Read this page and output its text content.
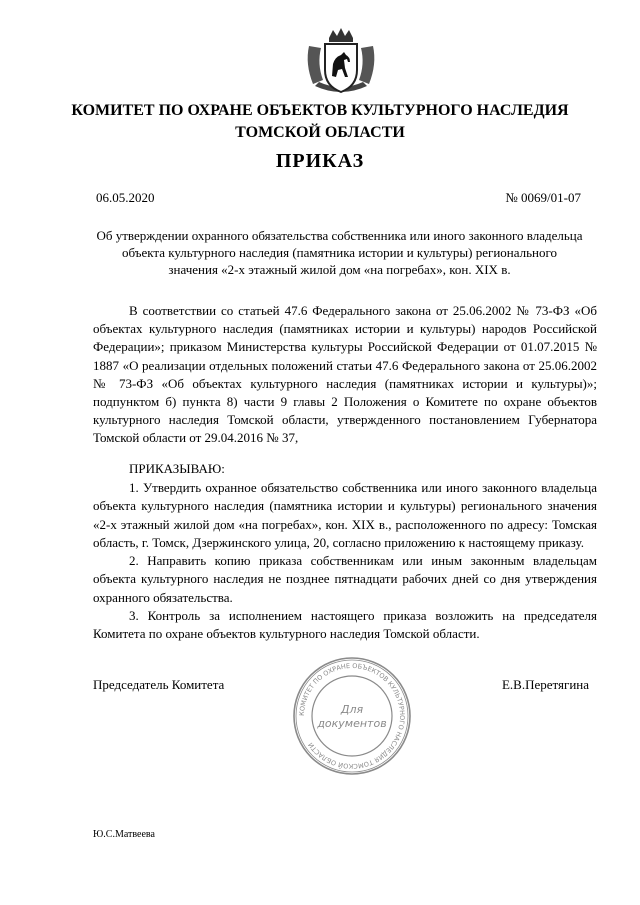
КОМИТЕТ ПО ОХРАНЕ ОБЪЕКТОВ КУЛЬТУРНОГО НАСЛЕДИЯ
ТОМСКОЙ ОБЛАСТИ
ПРИКАЗ
06.05.2020	№ 0069/01-07
Об утверждении охранного обязательства собственника или иного законного владельца объекта культурного наследия (памятника истории и культуры) регионального значения «2-х этажный жилой дом «на погребах», кон. XIX в.
В соответствии со статьей 47.6 Федерального закона от 25.06.2002 № 73-ФЗ «Об объектах культурного наследия (памятниках истории и культуры) народов Российской Федерации»; приказом Министерства культуры Российской Федерации от 01.07.2015 № 1887 «О реализации отдельных положений статьи 47.6 Федерального закона от 25.06.2002 № 73-ФЗ «Об объектах культурного наследия (памятниках истории и культуры)»; подпунктом б) пункта 8) части 9 главы 2 Положения о Комитете по охране объектов культурного наследия Томской области, утвержденного постановлением Губернатора Томской области от 29.04.2016 № 37,
ПРИКАЗЫВАЮ:

1. Утвердить охранное обязательство собственника или иного законного владельца объекта культурного наследия (памятника истории и культуры) регионального значения «2-х этажный жилой дом «на погребах», кон. XIX в., расположенного по адресу: Томская область, г. Томск, Дзержинского улица, 20, согласно приложению к настоящему приказу.

2. Направить копию приказа собственникам или иным законным владельцам объекта культурного наследия не позднее пятнадцати рабочих дней со дня утверждения охранного обязательства.

3. Контроль за исполнением настоящего приказа возложить на председателя Комитета по охране объектов культурного наследия Томской области.

Председатель Комитета	Е.В.Перетягина
КОМИТЕТ ПО ОХРАНЕ ОБЪЕКТОВ КУЛЬТУРНОГО НАСЛЕДИЯ ТОМСКОЙ ОБЛАСТИ
Для
документов
Ю.С.Матвеева
